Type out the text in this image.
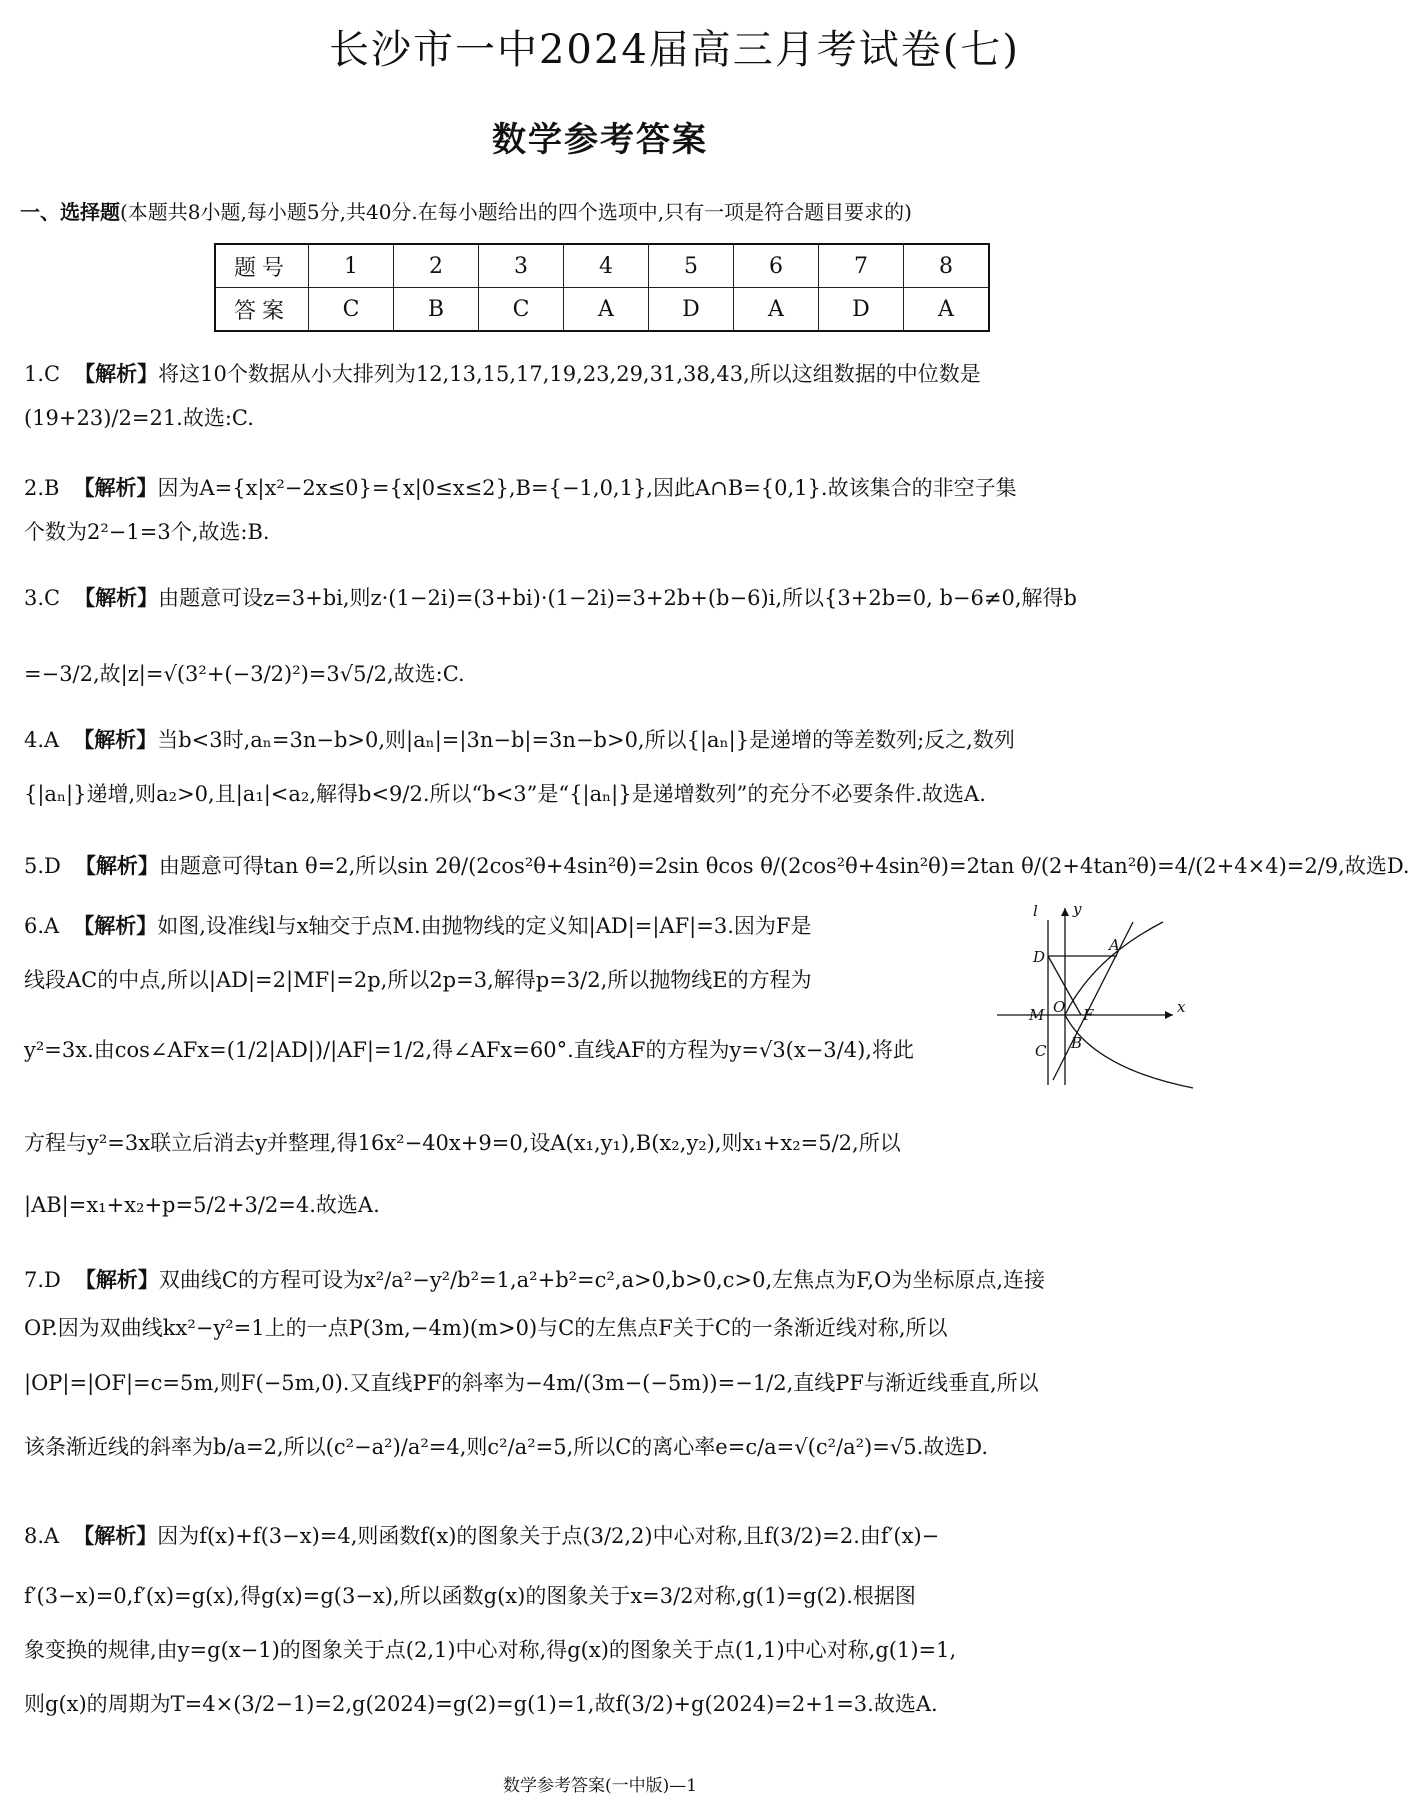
长沙市一中2024届高三月考试卷(七)
数学参考答案
一、选择题(本题共8小题,每小题5分,共40分.在每小题给出的四个选项中,只有一项是符合题目要求的)
题号	1	2	3	4	5	6	7	8
答案	C	B	C	A	D	A	D	A
1.C 【解析】将这10个数据从小大排列为12,13,15,17,19,23,29,31,38,43,所以这组数据的中位数是
(19+23)/2=21.故选:C.
2.B 【解析】因为A={x|x²−2x≤0}={x|0≤x≤2},B={−1,0,1},因此A∩B={0,1}.故该集合的非空子集
个数为2²−1=3个,故选:B.
3.C 【解析】由题意可设z=3+bi,则z·(1−2i)=(3+bi)·(1−2i)=3+2b+(b−6)i,所以{3+2b=0, b−6≠0,解得b
=−3/2,故|z|=√(3²+(−3/2)²)=3√5/2,故选:C.
4.A 【解析】当b<3时,aₙ=3n−b>0,则|aₙ|=|3n−b|=3n−b>0,所以{|aₙ|}是递增的等差数列;反之,数列
{|aₙ|}递增,则a₂>0,且|a₁|<a₂,解得b<9/2.所以“b<3”是“{|aₙ|}是递增数列”的充分不必要条件.故选A.
5.D 【解析】由题意可得tan θ=2,所以sin 2θ/(2cos²θ+4sin²θ)=2sin θcos θ/(2cos²θ+4sin²θ)=2tan θ/(2+4tan²θ)=4/(2+4×4)=2/9,故选D.
6.A 【解析】如图,设准线l与x轴交于点M.由抛物线的定义知|AD|=|AF|=3.因为F是
线段AC的中点,所以|AD|=2|MF|=2p,所以2p=3,解得p=3/2,所以抛物线E的方程为
y²=3x.由cos∠AFx=(1/2|AD|)/|AF|=1/2,得∠AFx=60°.直线AF的方程为y=√3(x−3/4),将此
方程与y²=3x联立后消去y并整理,得16x²−40x+9=0,设A(x₁,y₁),B(x₂,y₂),则x₁+x₂=5/2,所以
|AB|=x₁+x₂+p=5/2+3/2=4.故选A.
l y
D
A
M O F	x
C B
7.D 【解析】双曲线C的方程可设为x²/a²−y²/b²=1,a²+b²=c²,a>0,b>0,c>0,左焦点为F,O为坐标原点,连接
OP.因为双曲线kx²−y²=1上的一点P(3m,−4m)(m>0)与C的左焦点F关于C的一条渐近线对称,所以
|OP|=|OF|=c=5m,则F(−5m,0).又直线PF的斜率为−4m/(3m−(−5m))=−1/2,直线PF与渐近线垂直,所以
该条渐近线的斜率为b/a=2,所以(c²−a²)/a²=4,则c²/a²=5,所以C的离心率e=c/a=√(c²/a²)=√5.故选D.
8.A 【解析】因为f(x)+f(3−x)=4,则函数f(x)的图象关于点(3/2,2)中心对称,且f(3/2)=2.由f′(x)−
f′(3−x)=0,f′(x)=g(x),得g(x)=g(3−x),所以函数g(x)的图象关于x=3/2对称,g(1)=g(2).根据图
象变换的规律,由y=g(x−1)的图象关于点(2,1)中心对称,得g(x)的图象关于点(1,1)中心对称,g(1)=1,
则g(x)的周期为T=4×(3/2−1)=2,g(2024)=g(2)=g(1)=1,故f(3/2)+g(2024)=2+1=3.故选A.
数学参考答案(一中版)—1
